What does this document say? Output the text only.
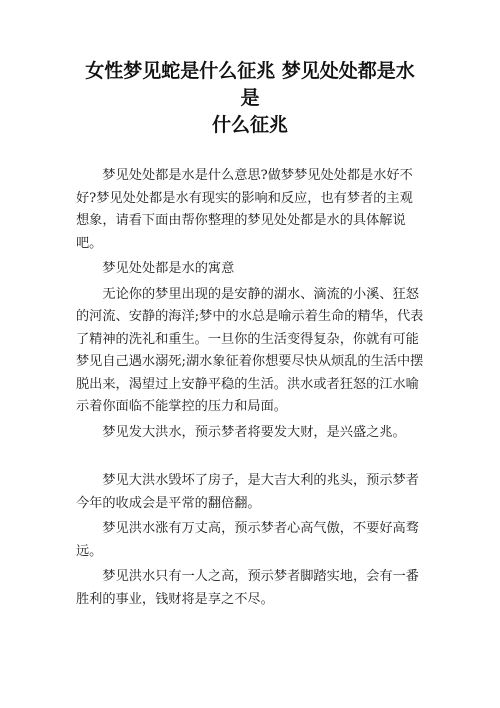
女性梦见蛇是什么征兆 梦见处处都是水是
什么征兆

梦见处处都是水是什么意思?做梦梦见处处都是水好不好?梦见处处都是水有现实的影响和反应，也有梦者的主观想象，请看下面由帮你整理的梦见处处都是水的具体解说吧。

梦见处处都是水的寓意

无论你的梦里出现的是安静的湖水、滴流的小溪、狂怒的河流、安静的海洋;梦中的水总是喻示着生命的精华，代表了精神的洗礼和重生。一旦你的生活变得复杂，你就有可能梦见自己遇水溺死;湖水象征着你想要尽快从烦乱的生活中摆脱出来，渴望过上安静平稳的生活。洪水或者狂怒的江水喻示着你面临不能掌控的压力和局面。

梦见发大洪水，预示梦者将要发大财，是兴盛之兆。

梦见大洪水毁坏了房子，是大吉大利的兆头，预示梦者今年的收成会是平常的翻倍翻。

梦见洪水涨有万丈高，预示梦者心高气傲，不要好高骛远。

梦见洪水只有一人之高，预示梦者脚踏实地，会有一番胜利的事业，钱财将是享之不尽。
